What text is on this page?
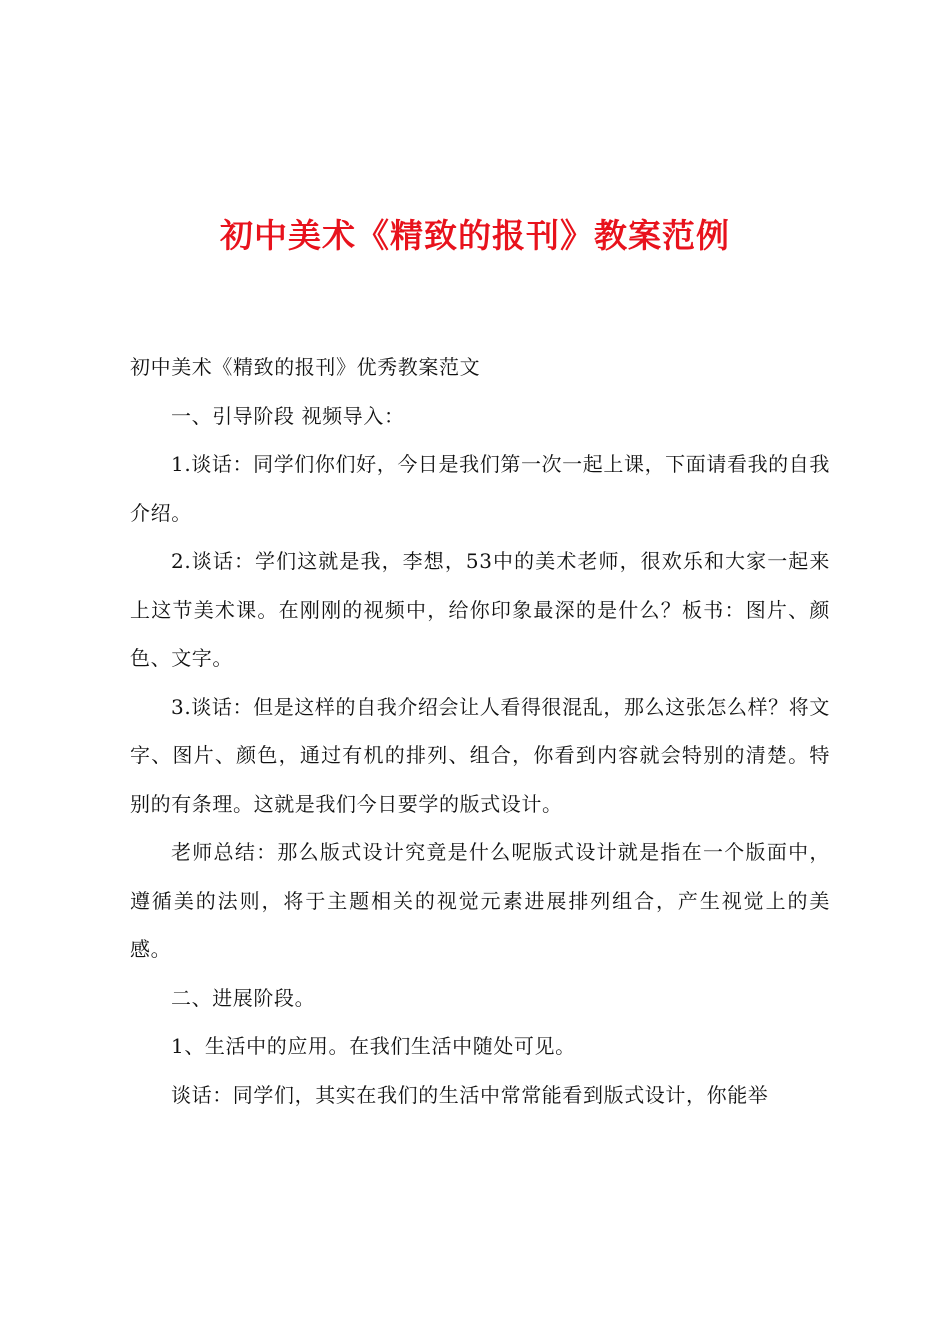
初中美术《精致的报刊》教案范例

初中美术《精致的报刊》优秀教案范文

一、引导阶段 视频导入：

1.谈话：同学们你们好，今日是我们第一次一起上课，下面请看我的自我介绍。

2.谈话：学们这就是我，李想，53中的美术老师，很欢乐和大家一起来上这节美术课。在刚刚的视频中，给你印象最深的是什么？板书：图片、颜色、文字。

3.谈话：但是这样的自我介绍会让人看得很混乱，那么这张怎么样？将文字、图片、颜色，通过有机的排列、组合，你看到内容就会特别的清楚。特别的有条理。这就是我们今日要学的版式设计。

老师总结：那么版式设计究竟是什么呢版式设计就是指在一个版面中，遵循美的法则，将于主题相关的视觉元素进展排列组合，产生视觉上的美感。

二、进展阶段。

1、生活中的应用。在我们生活中随处可见。

谈话：同学们，其实在我们的生活中常常能看到版式设计，你能举
